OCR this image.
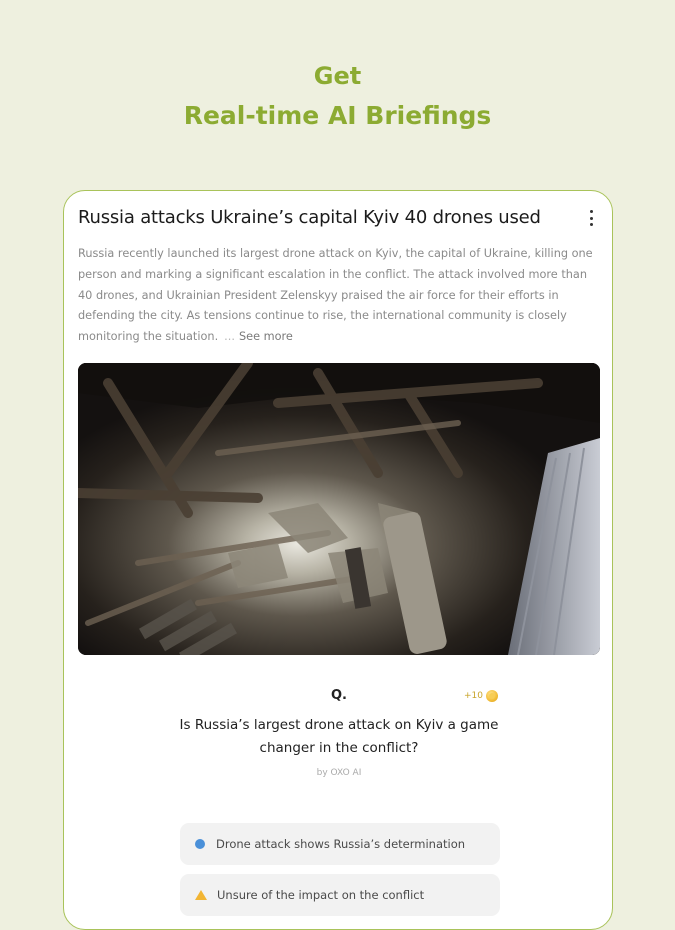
Get
Real-time AI Briefings
Russia attacks Ukraine’s capital Kyiv 40 drones used
Russia recently launched its largest drone attack on Kyiv, the capital of Ukraine, killing one person and marking a significant escalation in the conflict. The attack involved more than 40 drones, and Ukrainian President Zelenskyy praised the air force for their efforts in defending the city. As tensions continue to rise, the international community is closely monitoring the situation. ... See more
Q.	+10
Is Russia’s largest drone attack on Kyiv a game changer in the conflict?
by OXO AI
Drone attack shows Russia’s determination
Unsure of the impact on the conflict
